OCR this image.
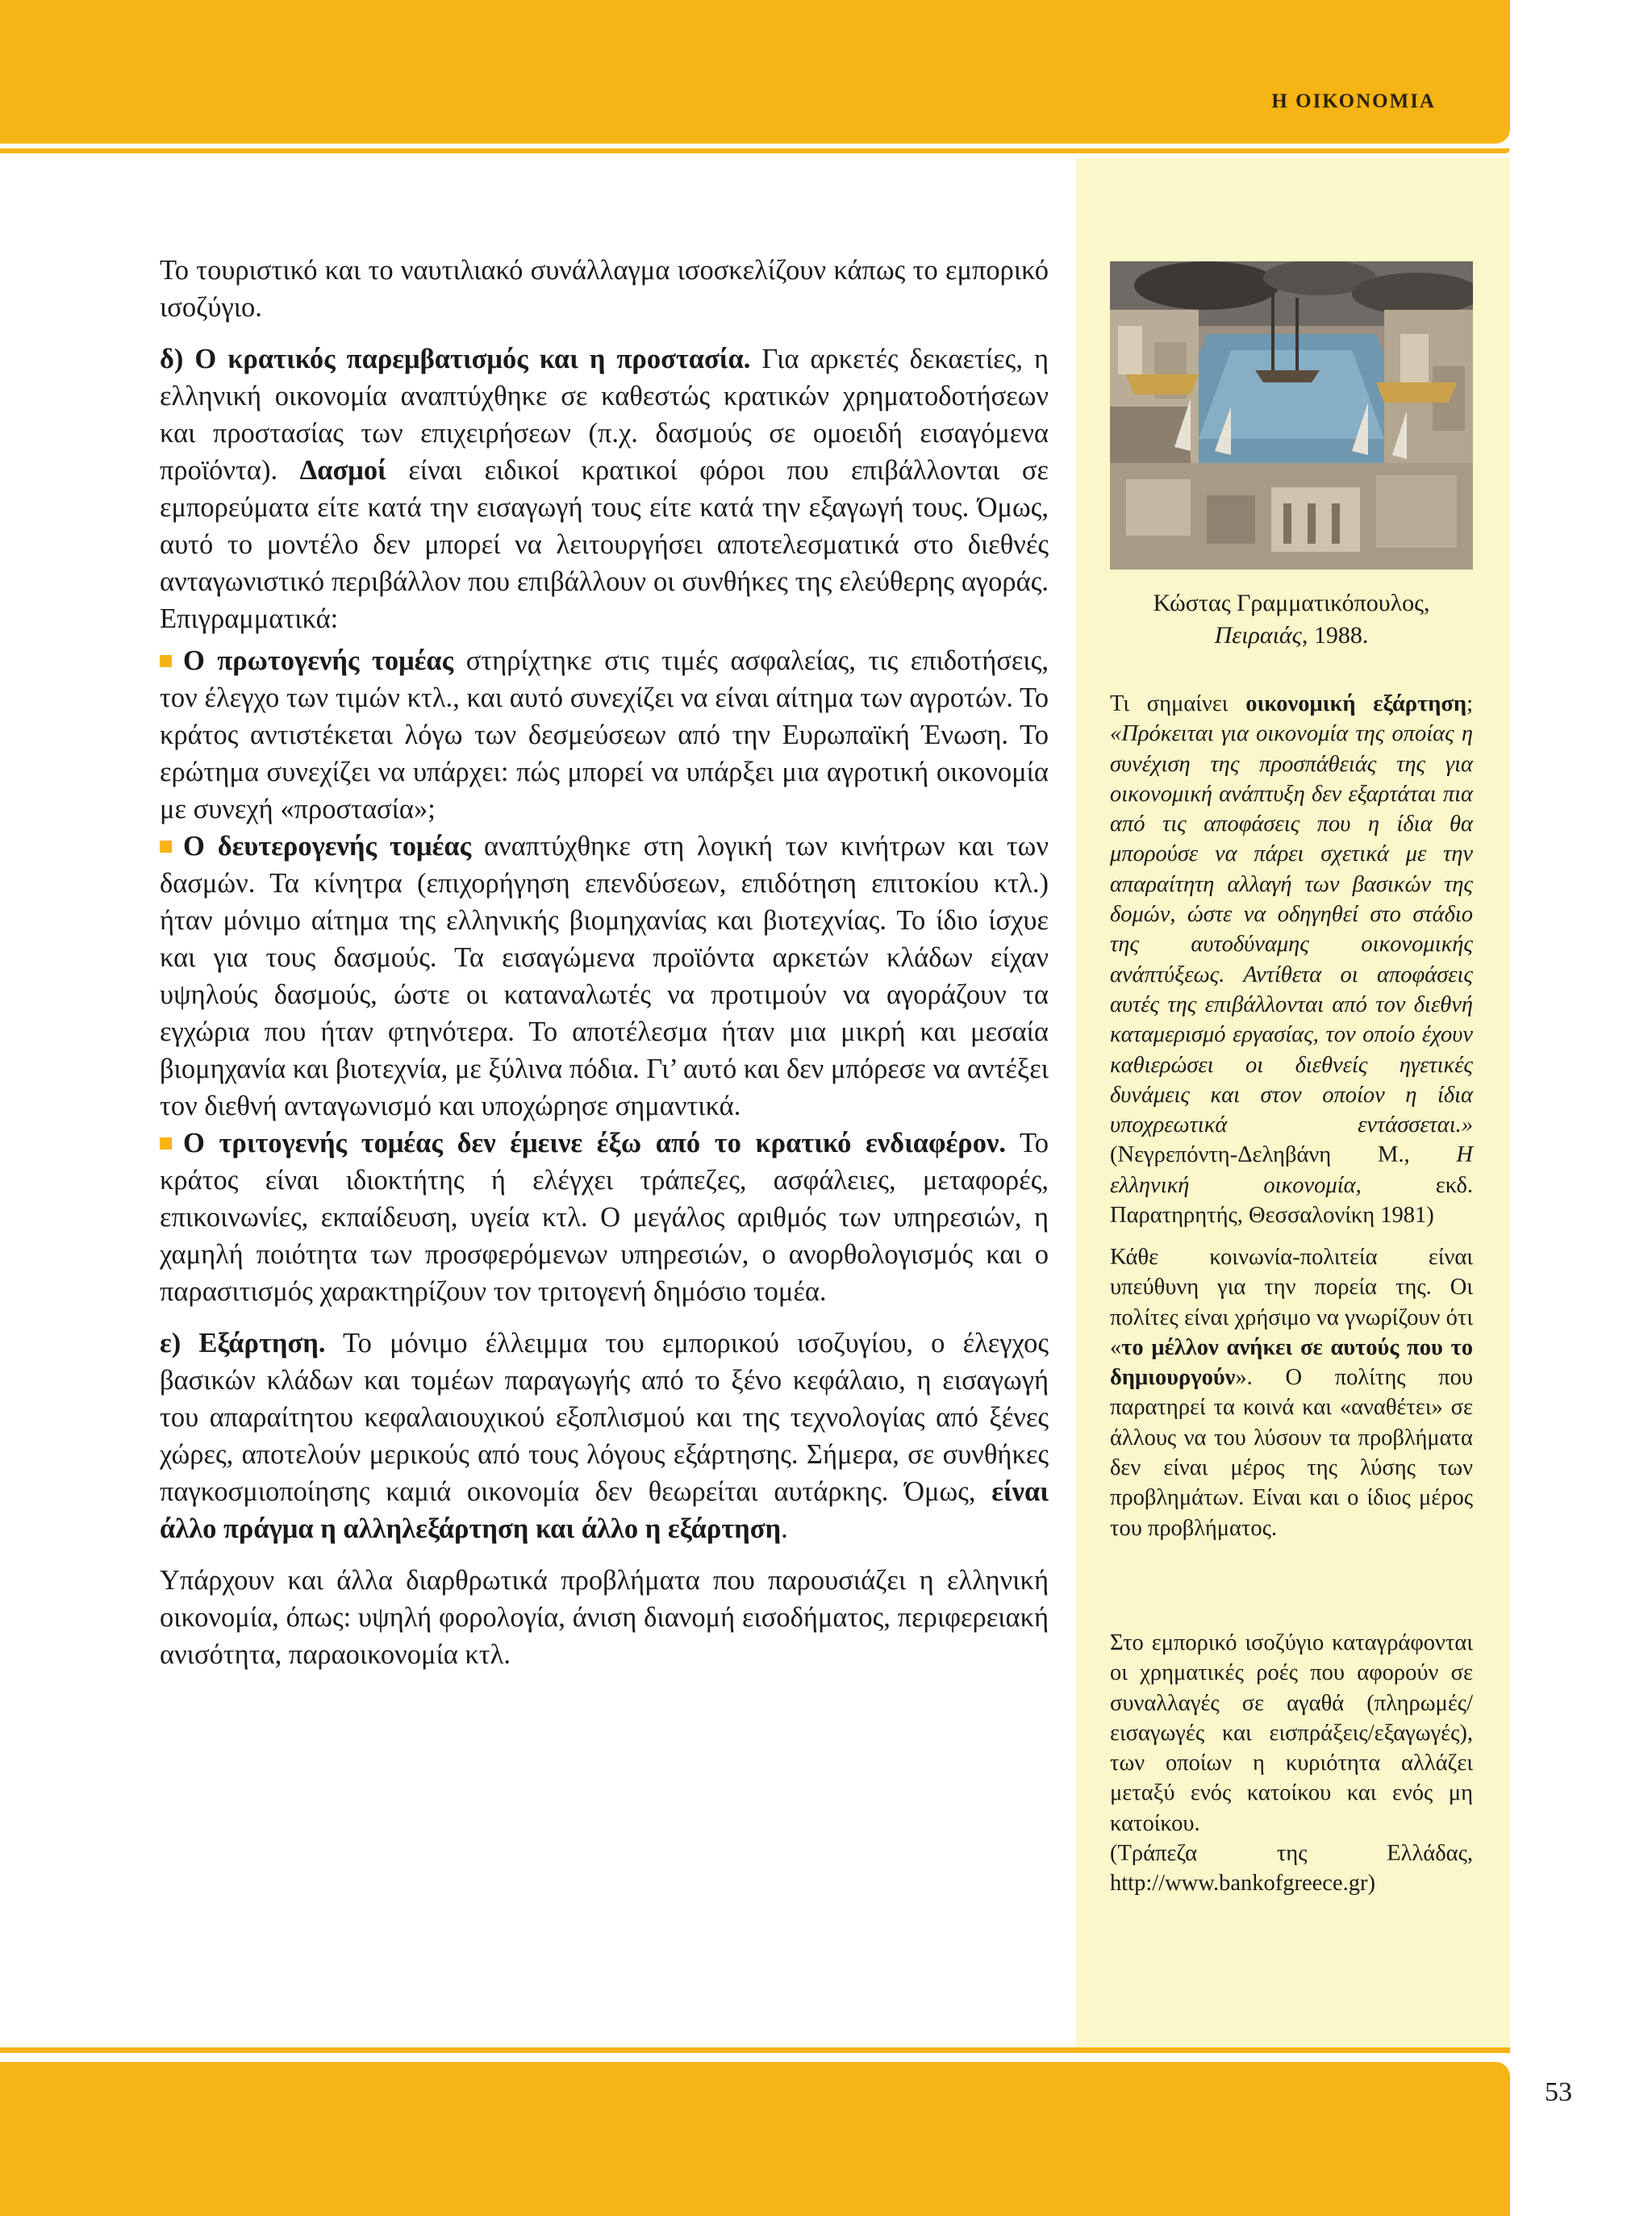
Η ΟΙΚΟΝΟΜΙΑ

Το τουριστικό και το ναυτιλιακό συνάλλαγμα ισοσκελίζουν κάπως το εμπορικό ισοζύγιο.

δ) Ο κρατικός παρεμβατισμός και η προστασία. Για αρκετές δεκαετίες, η ελληνική οικονομία αναπτύχθηκε σε καθεστώς κρατικών χρηματοδοτήσεων και προστασίας των επιχειρήσεων (π.χ. δασμούς σε ομοειδή εισαγόμενα προϊόντα). Δασμοί είναι ειδικοί κρατικοί φόροι που επιβάλλονται σε εμπορεύματα είτε κατά την εισαγωγή τους είτε κατά την εξαγωγή τους. Όμως, αυτό το μοντέλο δεν μπορεί να λειτουργήσει αποτελεσματικά στο διεθνές ανταγωνιστικό περιβάλλον που επιβάλλουν οι συνθήκες της ελεύθερης αγοράς. Επιγραμματικά:

Ο πρωτογενής τομέας στηρίχτηκε στις τιμές ασφαλείας, τις επιδοτήσεις, τον έλεγχο των τιμών κτλ., και αυτό συνεχίζει να είναι αίτημα των αγροτών. Το κράτος αντιστέκεται λόγω των δεσμεύσεων από την Ευρωπαϊκή Ένωση. Το ερώτημα συνεχίζει να υπάρχει: πώς μπορεί να υπάρξει μια αγροτική οικονομία με συνεχή «προστασία»;

Ο δευτερογενής τομέας αναπτύχθηκε στη λογική των κινήτρων και των δασμών. Τα κίνητρα (επιχορήγηση επενδύσεων, επιδότηση επιτοκίου κτλ.) ήταν μόνιμο αίτημα της ελληνικής βιομηχανίας και βιοτεχνίας. Το ίδιο ίσχυε και για τους δασμούς. Τα εισαγώμενα προϊόντα αρκετών κλάδων είχαν υψηλούς δασμούς, ώστε οι καταναλωτές να προτιμούν να αγοράζουν τα εγχώρια που ήταν φτηνότερα. Το αποτέλεσμα ήταν μια μικρή και μεσαία βιομηχανία και βιοτεχνία, με ξύλινα πόδια. Γι’ αυτό και δεν μπόρεσε να αντέξει τον διεθνή ανταγωνισμό και υποχώρησε σημαντικά.

Ο τριτογενής τομέας δεν έμεινε έξω από το κρατικό ενδιαφέρον. Το κράτος είναι ιδιοκτήτης ή ελέγχει τράπεζες, ασφάλειες, μεταφορές, επικοινωνίες, εκπαίδευση, υγεία κτλ. Ο μεγάλος αριθμός των υπηρεσιών, η χαμηλή ποιότητα των προσφερόμενων υπηρεσιών, ο ανορθολογισμός και ο παρασιτισμός χαρακτηρίζουν τον τριτογενή δημόσιο τομέα.

ε) Εξάρτηση. Το μόνιμο έλλειμμα του εμπορικού ισοζυγίου, ο έλεγχος βασικών κλάδων και τομέων παραγωγής από το ξένο κεφάλαιο, η εισαγωγή του απαραίτητου κεφαλαιουχικού εξοπλισμού και της τεχνολογίας από ξένες χώρες, αποτελούν μερικούς από τους λόγους εξάρτησης. Σήμερα, σε συνθήκες παγκοσμιοποίησης καμιά οικονομία δεν θεωρείται αυτάρκης. Όμως, είναι άλλο πράγμα η αλληλεξάρτηση και άλλο η εξάρτηση.

Υπάρχουν και άλλα διαρθρωτικά προβλήματα που παρουσιάζει η ελληνική οικονομία, όπως: υψηλή φορολογία, άνιση διανομή εισοδήματος, περιφερειακή ανισότητα, παραοικονομία κτλ.

Κώστας Γραμματικόπουλος,
Πειραιάς, 1988.
Τι σημαίνει οικονομική εξάρτηση; «Πρόκειται για οικονομία της οποίας η συνέχιση της προσπάθειάς της για οικονομική ανάπτυξη δεν εξαρτάται πια από τις αποφάσεις που η ίδια θα μπορούσε να πάρει σχετικά με την απαραίτητη αλλαγή των βασικών της δομών, ώστε να οδηγηθεί στο στάδιο της αυτοδύναμης οικονομικής ανάπτύξεως. Αντίθετα οι αποφάσεις αυτές της επιβάλλονται από τον διεθνή καταμερισμό εργασίας, τον οποίο έχουν καθιερώσει οι διεθνείς ηγετικές δυνάμεις και στον οποίον η ίδια υποχρεωτικά εντάσσεται.» (Νεγρεπόντη-Δεληβάνη Μ., Η ελληνική οικονομία, εκδ. Παρατηρητής, Θεσσαλονίκη 1981)
Κάθε κοινωνία-πολιτεία είναι υπεύθυνη για την πορεία της. Οι πολίτες είναι χρήσιμο να γνωρίζουν ότι «το μέλλον ανήκει σε αυτούς που το δημιουργούν». Ο πολίτης που παρατηρεί τα κοινά και «αναθέτει» σε άλλους να του λύσουν τα προβλήματα δεν είναι μέρος της λύσης των προβλημάτων. Είναι και ο ίδιος μέρος του προβλήματος.
Στο εμπορικό ισοζύγιο καταγράφονται οι χρηματικές ροές που αφορούν σε συναλλαγές σε αγαθά (πληρωμές/εισαγωγές και εισπράξεις/εξαγωγές), των οποίων η κυριότητα αλλάζει μεταξύ ενός κατοίκου και ενός μη κατοίκου.
(Τράπεζα της Ελλάδας, http://www.bankofgreece.gr)
53
